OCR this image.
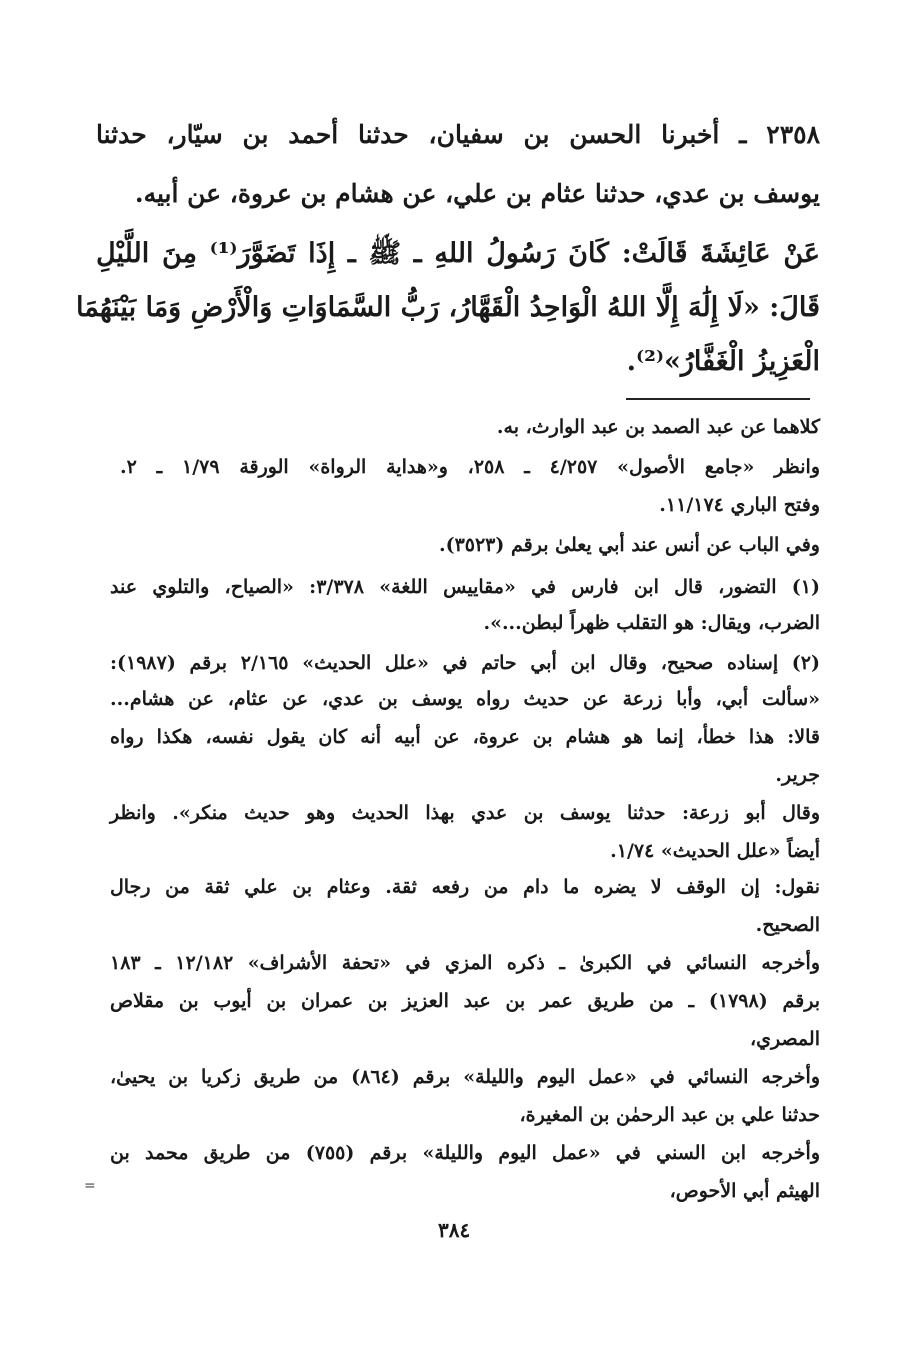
٢٣٥٨ ـ أخبرنا الحسن بن سفيان، حدثنا أحمد بن سيّار، حدثنا
يوسف بن عدي، حدثنا عثام بن علي، عن هشام بن عروة، عن أبيه.
عَنْ عَائِشَةَ قَالَتْ: كَانَ رَسُولُ اللهِ ـ ﷺ ـ إِذَا تَضَوَّرَ⁽¹⁾ مِنَ اللَّيْلِ
قَالَ: «لَا إِلَٰهَ إِلَّا اللهُ الْوَاحِدُ الْقَهَّارُ، رَبُّ السَّمَاوَاتِ وَالْأَرْضِ وَمَا بَيْنَهُمَا
الْعَزِيزُ الْغَفَّارُ»⁽²⁾.
كلاهما عن عبد الصمد بن عبد الوارث، به.
وانظر «جامع الأصول» ٤/٢٥٧ ـ ٢٥٨، و«هداية الرواة» الورقة ١/٧٩ ـ ٢.
وفتح الباري ١١/١٧٤.
وفي الباب عن أنس عند أبي يعلىٰ برقم (٣٥٢٣).
(١) التضور، قال ابن فارس في «مقاييس اللغة» ٣/٣٧٨: «الصياح، والتلوي عند
الضرب، ويقال: هو التقلب ظهراً لبطن...».
(٢) إسناده صحيح، وقال ابن أبي حاتم في «علل الحديث» ٢/١٦٥ برقم (١٩٨٧):
«سألت أبي، وأبا زرعة عن حديث رواه يوسف بن عدي، عن عثام، عن هشام...
قالا: هذا خطأ، إنما هو هشام بن عروة، عن أبيه أنه كان يقول نفسه، هكذا رواه
جرير.
وقال أبو زرعة: حدثنا يوسف بن عدي بهذا الحديث وهو حديث منكر». وانظر
أيضاً «علل الحديث» ١/٧٤.
نقول: إن الوقف لا يضره ما دام من رفعه ثقة. وعثام بن علي ثقة من رجال
الصحيح.
وأخرجه النسائي في الكبرىٰ ـ ذكره المزي في «تحفة الأشراف» ١٢/١٨٢ ـ ١٨٣
برقم (١٧٩٨) ـ من طريق عمر بن عبد العزيز بن عمران بن أيوب بن مقلاص
المصري،
وأخرجه النسائي في «عمل اليوم والليلة» برقم (٨٦٤) من طريق زكريا بن يحيىٰ،
حدثنا علي بن عبد الرحمٰن بن المغيرة،
وأخرجه ابن السني في «عمل اليوم والليلة» برقم (٧٥٥) من طريق محمد بن
الهيثم أبي الأحوص،
=
٣٨٤
